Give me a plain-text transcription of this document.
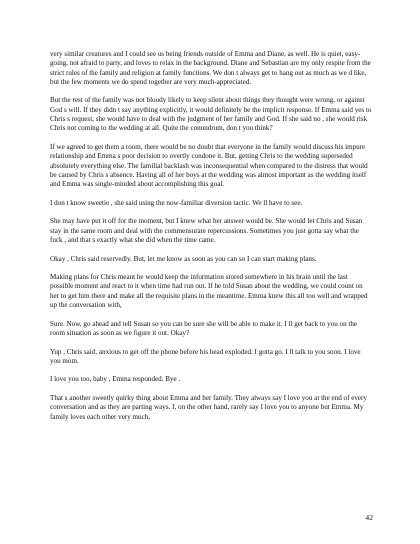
very similar creatures and I could see us being friends outside of Emma and Diane, as well. He is quiet, easy-going, not afraid to party, and loves to relax in the background. Diane and Sebastian are my only respite from the strict rules of the family and religion at family functions. We don t always get to hang out as much as we d like, but the few moments we do spend together are very much-appreciated.

But the rest of the family was not bloody likely to keep silent about things they thought were wrong, or against God s will. If they didn t say anything explicitly, it would definitely be the implicit response. If Emma said yes to Chris s request, she would have to deal with the judgment of her family and God. If she said no , she would risk Chris not coming to the wedding at all. Quite the conundrum, don t you think?

If we agreed to get them a room, there would be no doubt that everyone in the family would discuss his impure relationship and Emma s poor decision to overtly condone it. But, getting Chris to the wedding superseded absolutely everything else. The familial backlash was inconsequential when compared to the distress that would be caused by Chris s absence. Having all of her boys at the wedding was almost important as the wedding itself and Emma was single-minded about accomplishing this goal.

I don t know sweetie , she said using the now-familiar diversion tactic. We ll have to see.

She may have put it off for the moment, but I knew what her answer would be. She would let Chris and Susan stay in the same room and deal with the commensurate repercussions. Sometimes you just gotta say what the fuck , and that s exactly what she did when the time came.

Okay , Chris said reservedly. But, let me know as soon as you can so I can start making plans.

Making plans for Chris meant he would keep the information stored somewhere in his brain until the last possible moment and react to it when time had run out. If he told Susan about the wedding, we could count on her to get him there and make all the requisite plans in the meantime. Emma knew this all too well and wrapped up the conversation with,

Sure. Now, go ahead and tell Susan so you can be sure she will be able to make it. I ll get back to you on the room situation as soon as we figure it out. Okay?

Yup , Chris said, anxious to get off the phone before his head exploded. I gotta go. I ll talk to you soon. I love you mom.

I love you too, baby , Emma responded. Bye .

That s another sweetly quirky thing about Emma and her family. They always say I love you at the end of every conversation and as they are parting ways. I, on the other hand, rarely say I love you to anyone but Emma. My family loves each other very much,

42
